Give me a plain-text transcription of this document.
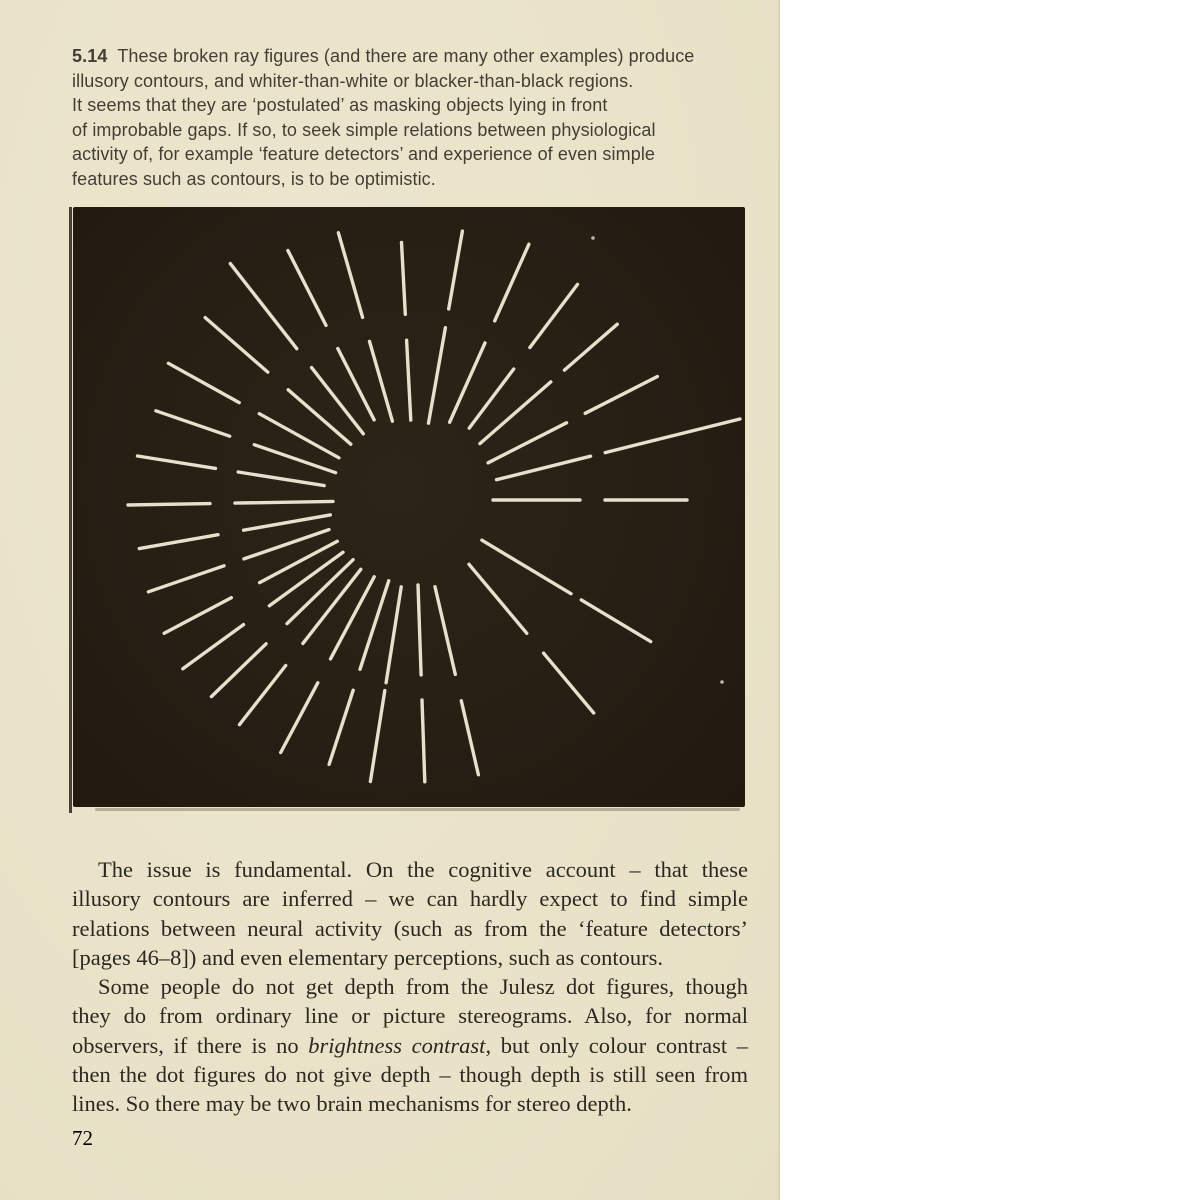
5.14  These broken ray figures (and there are many other examples) produce
illusory contours, and whiter-than-white or blacker-than-black regions.
It seems that they are ‘postulated’ as masking objects lying in front
of improbable gaps. If so, to seek simple relations between physiological
activity of, for example ‘feature detectors’ and experience of even simple
features such as contours, is to be optimistic.
The issue is fundamental. On the cognitive account – that these
illusory contours are inferred – we can hardly expect to find simple
relations between neural activity (such as from the ‘feature detectors’
[pages 46–8]) and even elementary perceptions, such as contours.
Some people do not get depth from the Julesz dot figures, though
they do from ordinary line or picture stereograms. Also, for normal
observers, if there is no brightness contrast, but only colour contrast –
then the dot figures do not give depth – though depth is still seen from
lines. So there may be two brain mechanisms for stereo depth.
72
